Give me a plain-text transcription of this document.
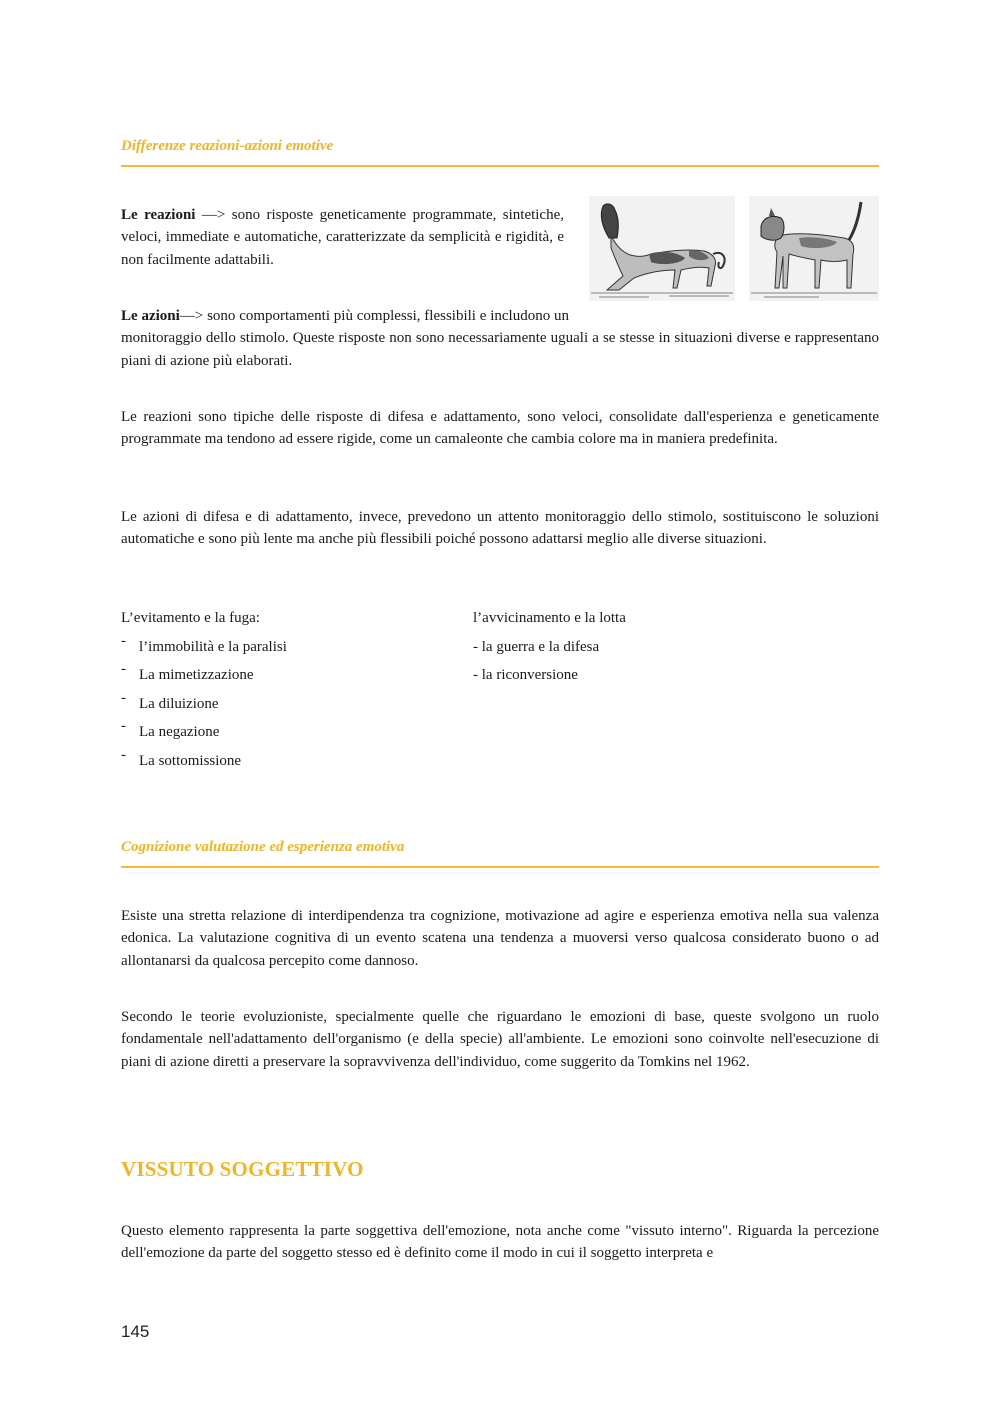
Differenze reazioni-azioni emotive

Le reazioni —> sono risposte geneticamente programmate, sintetiche, veloci, immediate e automatiche, caratterizzate da semplicità e rigidità, e non facilmente adattabili.

Le azioni—> sono comportamenti più complessi, flessibili e includono un monitoraggio dello stimolo. Queste risposte non sono necessariamente uguali a se stesse in situazioni diverse e rappresentano piani di azione più elaborati.

Le reazioni sono tipiche delle risposte di difesa e adattamento, sono veloci, consolidate dall'esperienza e geneticamente programmate ma tendono ad essere rigide, come un camaleonte che cambia colore ma in maniera predefinita.

Le azioni di difesa e di adattamento, invece, prevedono un attento monitoraggio dello stimolo, sostituiscono le soluzioni automatiche e sono più lente ma anche più flessibili poiché possono adattarsi meglio alle diverse situazioni.

L’evitamento e la fuga:
- l’immobilità e la paralisi
- La mimetizzazione
- La diluizione
- La negazione
- La sottomissione
l’avvicinamento e la lotta
- la guerra e la difesa
- la riconversione
Cognizione valutazione ed esperienza emotiva

Esiste una stretta relazione di interdipendenza tra cognizione, motivazione ad agire e esperienza emotiva nella sua valenza edonica. La valutazione cognitiva di un evento scatena una tendenza a muoversi verso qualcosa considerato buono o ad allontanarsi da qualcosa percepito come dannoso.

Secondo le teorie evoluzioniste, specialmente quelle che riguardano le emozioni di base, queste svolgono un ruolo fondamentale nell'adattamento dell'organismo (e della specie) all'ambiente. Le emozioni sono coinvolte nell'esecuzione di piani di azione diretti a preservare la sopravvivenza dell'individuo, come suggerito da Tomkins nel 1962.

VISSUTO SOGGETTIVO

Questo elemento rappresenta la parte soggettiva dell'emozione, nota anche come "vissuto interno". Riguarda la percezione dell'emozione da parte del soggetto stesso ed è definito come il modo in cui il soggetto interpreta e

145
